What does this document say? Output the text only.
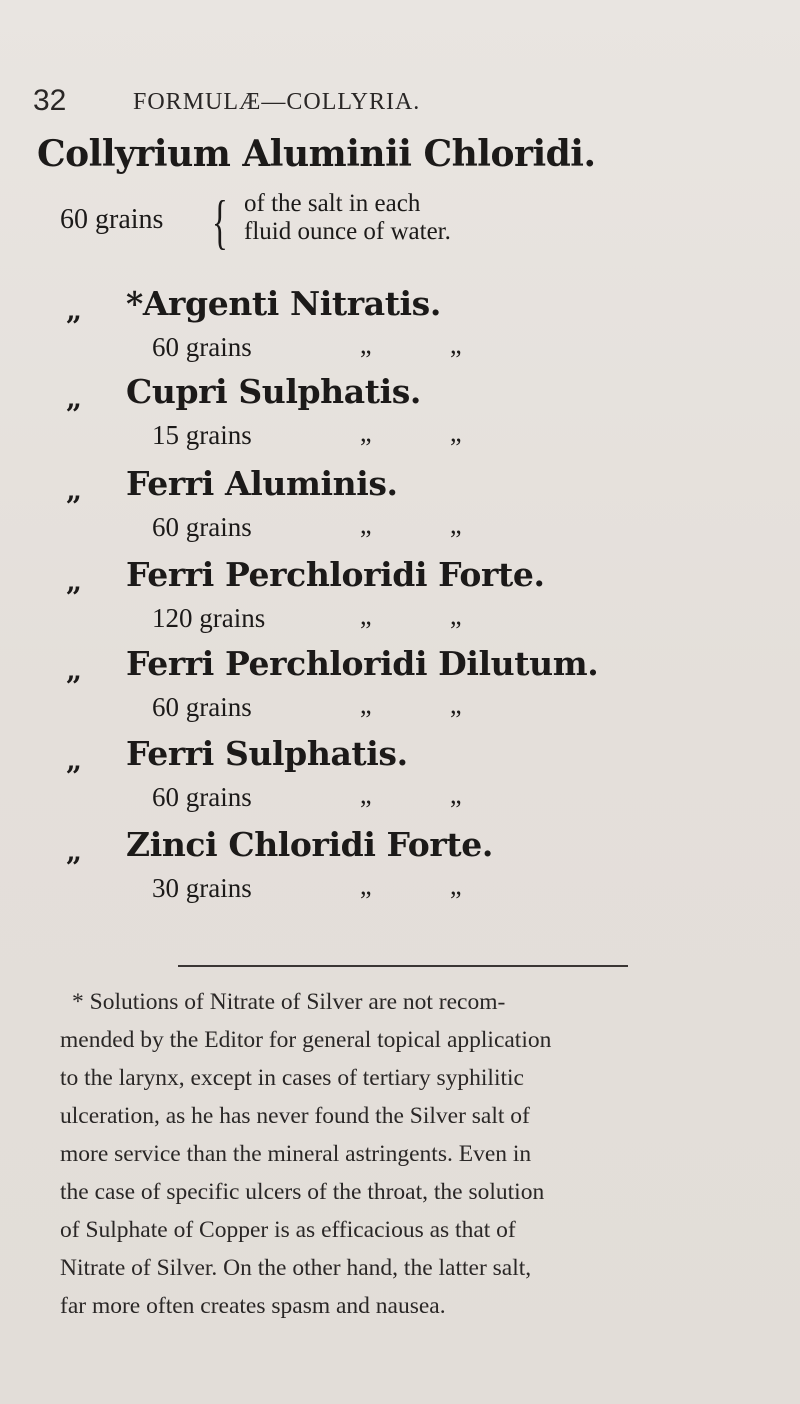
32	FORMULÆ—COLLYRIA.
Collyrium Aluminii Chloridi.
60 grains { of the salt in each
fluid ounce of water.
„ *Argenti Nitratis.
60 grains	„	„
„ Cupri Sulphatis.
15 grains	„	„
„ Ferri Aluminis.
60 grains	„	„
„ Ferri Perchloridi Forte.
120 grains	„	„
„ Ferri Perchloridi Dilutum.
60 grains	„	„
„ Ferri Sulphatis.
60 grains	„	„
„ Zinci Chloridi Forte.
30 grains	„	„
* Solutions of Nitrate of Silver are not recom-
mended by the Editor for general topical application
to the larynx, except in cases of tertiary syphilitic
ulceration, as he has never found the Silver salt of
more service than the mineral astringents. Even in
the case of specific ulcers of the throat, the solution
of Sulphate of Copper is as efficacious as that of
Nitrate of Silver. On the other hand, the latter salt,
far more often creates spasm and nausea.
